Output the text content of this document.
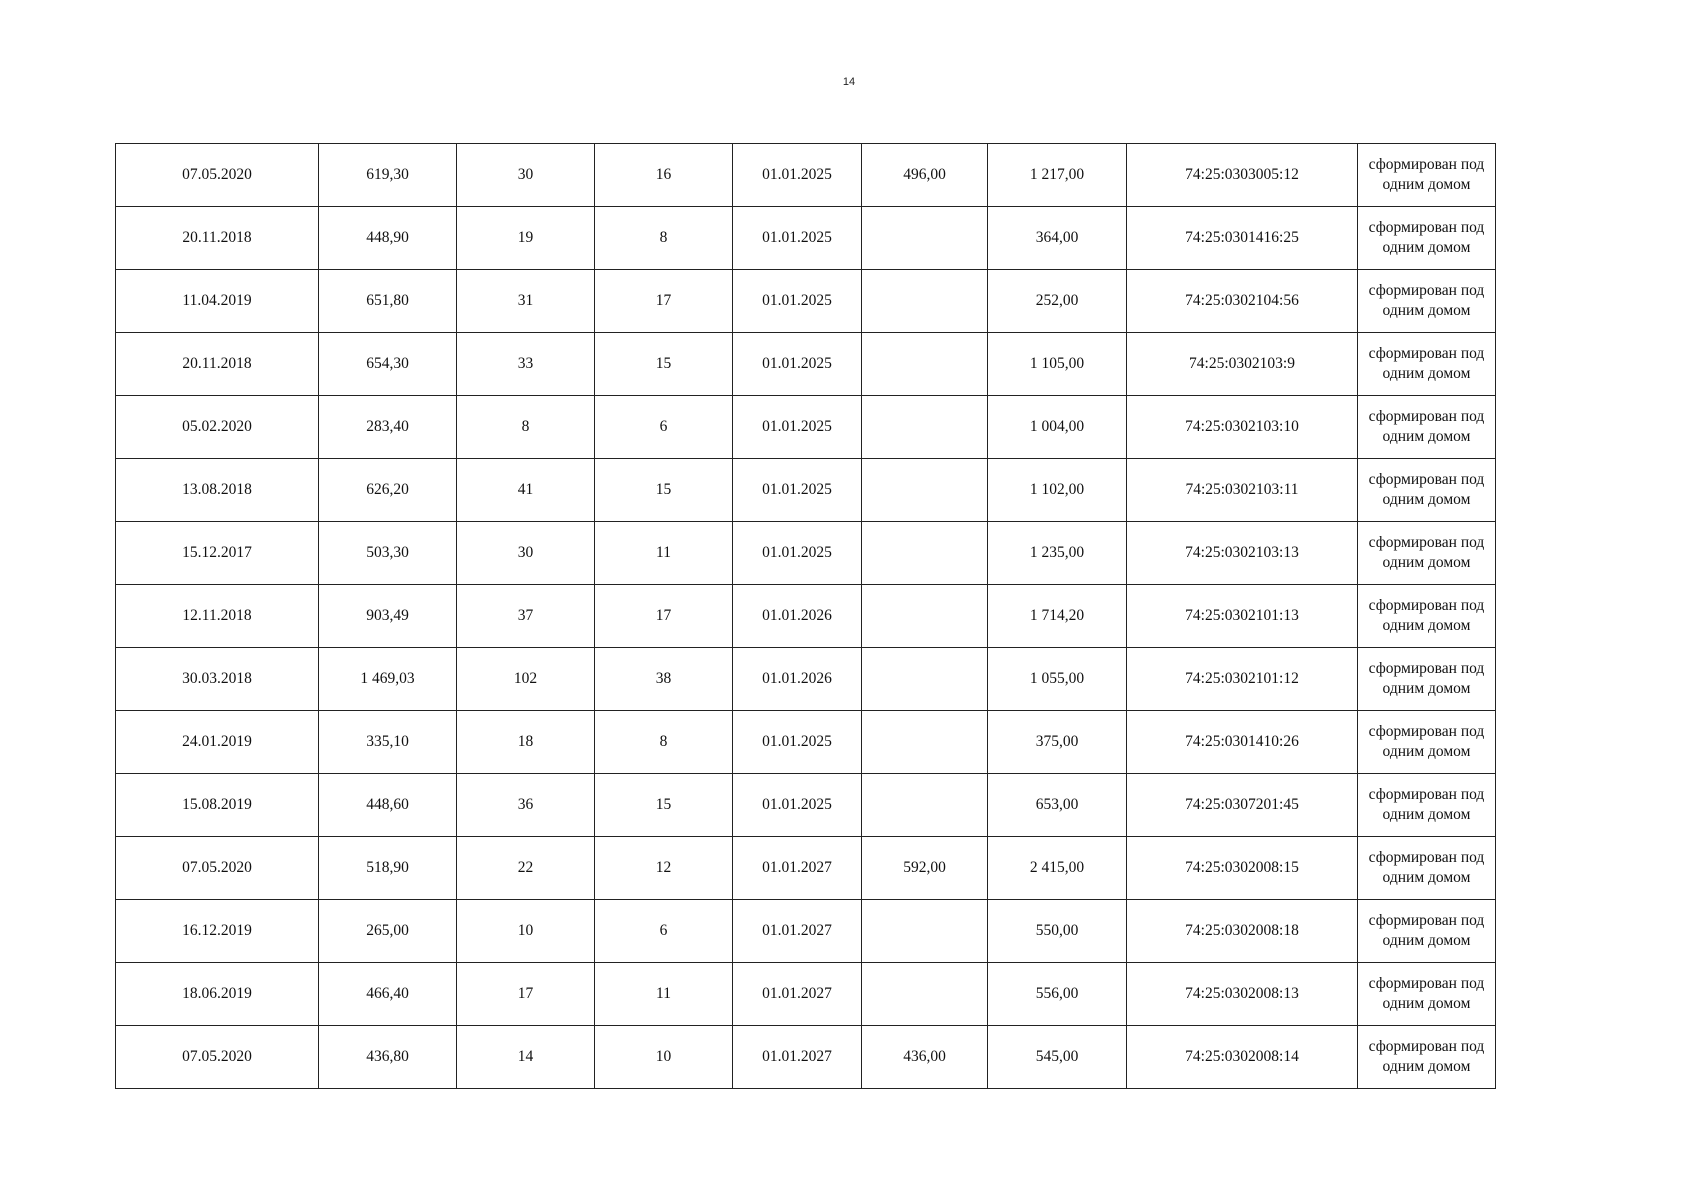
14
07.05.2020	619,30	30	16	01.01.2025	496,00	1 217,00	74:25:0303005:12	сформирован под одним домом
20.11.2018	448,90	19	8	01.01.2025		364,00	74:25:0301416:25	сформирован под одним домом
11.04.2019	651,80	31	17	01.01.2025		252,00	74:25:0302104:56	сформирован под одним домом
20.11.2018	654,30	33	15	01.01.2025		1 105,00	74:25:0302103:9	сформирован под одним домом
05.02.2020	283,40	8	6	01.01.2025		1 004,00	74:25:0302103:10	сформирован под одним домом
13.08.2018	626,20	41	15	01.01.2025		1 102,00	74:25:0302103:11	сформирован под одним домом
15.12.2017	503,30	30	11	01.01.2025		1 235,00	74:25:0302103:13	сформирован под одним домом
12.11.2018	903,49	37	17	01.01.2026		1 714,20	74:25:0302101:13	сформирован под одним домом
30.03.2018	1 469,03	102	38	01.01.2026		1 055,00	74:25:0302101:12	сформирован под одним домом
24.01.2019	335,10	18	8	01.01.2025		375,00	74:25:0301410:26	сформирован под одним домом
15.08.2019	448,60	36	15	01.01.2025		653,00	74:25:0307201:45	сформирован под одним домом
07.05.2020	518,90	22	12	01.01.2027	592,00	2 415,00	74:25:0302008:15	сформирован под одним домом
16.12.2019	265,00	10	6	01.01.2027		550,00	74:25:0302008:18	сформирован под одним домом
18.06.2019	466,40	17	11	01.01.2027		556,00	74:25:0302008:13	сформирован под одним домом
07.05.2020	436,80	14	10	01.01.2027	436,00	545,00	74:25:0302008:14	сформирован под одним домом
